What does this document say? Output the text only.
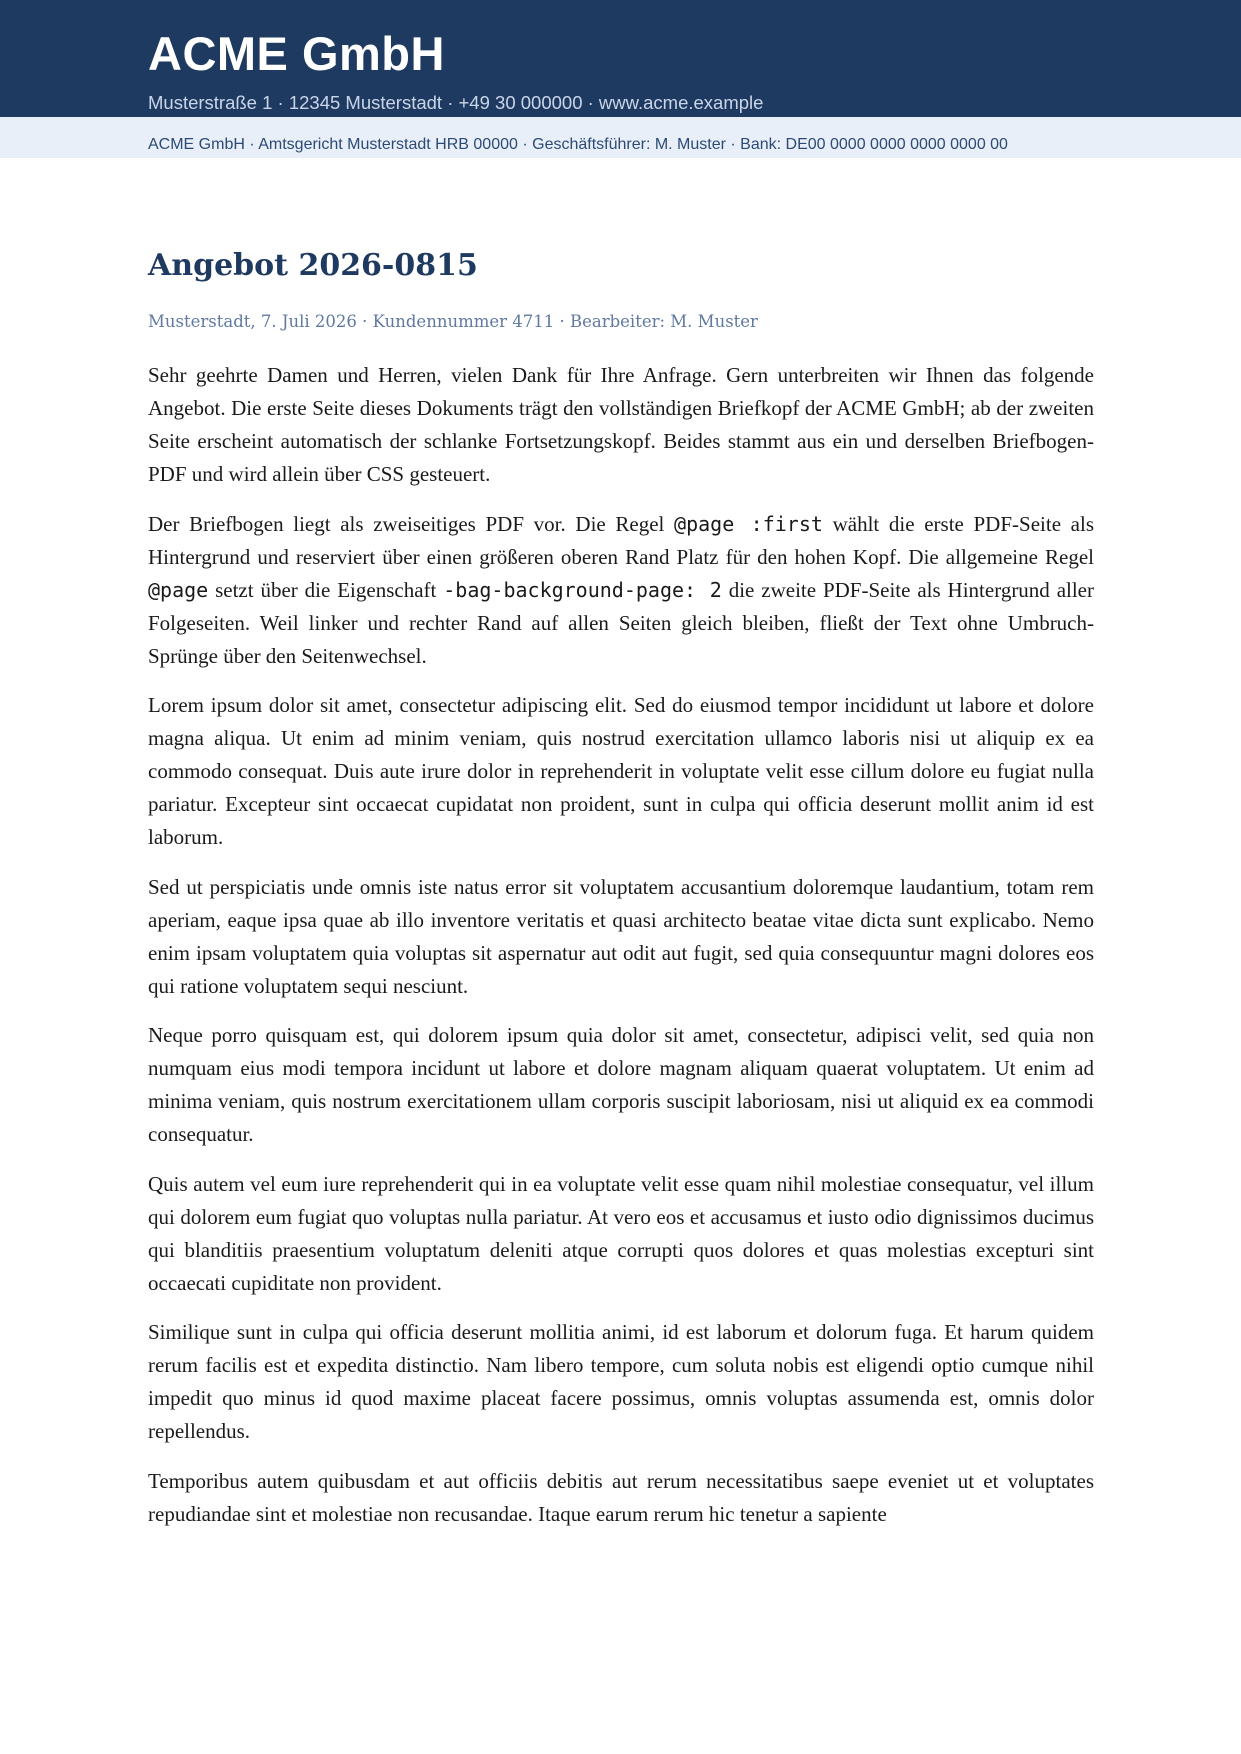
ACME GmbH
Musterstraße 1 · 12345 Musterstadt · +49 30 000000 · www.acme.example
ACME GmbH · Amtsgericht Musterstadt HRB 00000 · Geschäftsführer: M. Muster · Bank: DE00 0000 0000 0000 0000 00
Angebot 2026-0815
Musterstadt, 7. Juli 2026 · Kundennummer 4711 · Bearbeiter: M. Muster

Sehr geehrte Damen und Herren, vielen Dank für Ihre Anfrage. Gern unterbreiten wir Ihnen das folgende Angebot. Die erste Seite dieses Dokuments trägt den vollständigen Briefkopf der ACME GmbH; ab der zweiten Seite erscheint automatisch der schlanke Fortsetzungskopf. Beides stammt aus ein und derselben Briefbogen-PDF und wird allein über CSS gesteuert.

Der Briefbogen liegt als zweiseitiges PDF vor. Die Regel @page :first wählt die erste PDF-Seite als Hintergrund und reserviert über einen größeren oberen Rand Platz für den hohen Kopf. Die allgemeine Regel @page setzt über die Eigenschaft -bag-background-page: 2 die zweite PDF-Seite als Hintergrund aller Folgeseiten. Weil linker und rechter Rand auf allen Seiten gleich bleiben, fließt der Text ohne Umbruch-Sprünge über den Seitenwechsel.

Lorem ipsum dolor sit amet, consectetur adipiscing elit. Sed do eiusmod tempor incididunt ut labore et dolore magna aliqua. Ut enim ad minim veniam, quis nostrud exercitation ullamco laboris nisi ut aliquip ex ea commodo consequat. Duis aute irure dolor in reprehenderit in voluptate velit esse cillum dolore eu fugiat nulla pariatur. Excepteur sint occaecat cupidatat non proident, sunt in culpa qui officia deserunt mollit anim id est laborum.

Sed ut perspiciatis unde omnis iste natus error sit voluptatem accusantium doloremque laudantium, totam rem aperiam, eaque ipsa quae ab illo inventore veritatis et quasi architecto beatae vitae dicta sunt explicabo. Nemo enim ipsam voluptatem quia voluptas sit aspernatur aut odit aut fugit, sed quia consequuntur magni dolores eos qui ratione voluptatem sequi nesciunt.

Neque porro quisquam est, qui dolorem ipsum quia dolor sit amet, consectetur, adipisci velit, sed quia non numquam eius modi tempora incidunt ut labore et dolore magnam aliquam quaerat voluptatem. Ut enim ad minima veniam, quis nostrum exercitationem ullam corporis suscipit laboriosam, nisi ut aliquid ex ea commodi consequatur.

Quis autem vel eum iure reprehenderit qui in ea voluptate velit esse quam nihil molestiae consequatur, vel illum qui dolorem eum fugiat quo voluptas nulla pariatur. At vero eos et accusamus et iusto odio dignissimos ducimus qui blanditiis praesentium voluptatum deleniti atque corrupti quos dolores et quas molestias excepturi sint occaecati cupiditate non provident.

Similique sunt in culpa qui officia deserunt mollitia animi, id est laborum et dolorum fuga. Et harum quidem rerum facilis est et expedita distinctio. Nam libero tempore, cum soluta nobis est eligendi optio cumque nihil impedit quo minus id quod maxime placeat facere possimus, omnis voluptas assumenda est, omnis dolor repellendus.

Temporibus autem quibusdam et aut officiis debitis aut rerum necessitatibus saepe eveniet ut et voluptates repudiandae sint et molestiae non recusandae. Itaque earum rerum hic tenetur a sapiente
